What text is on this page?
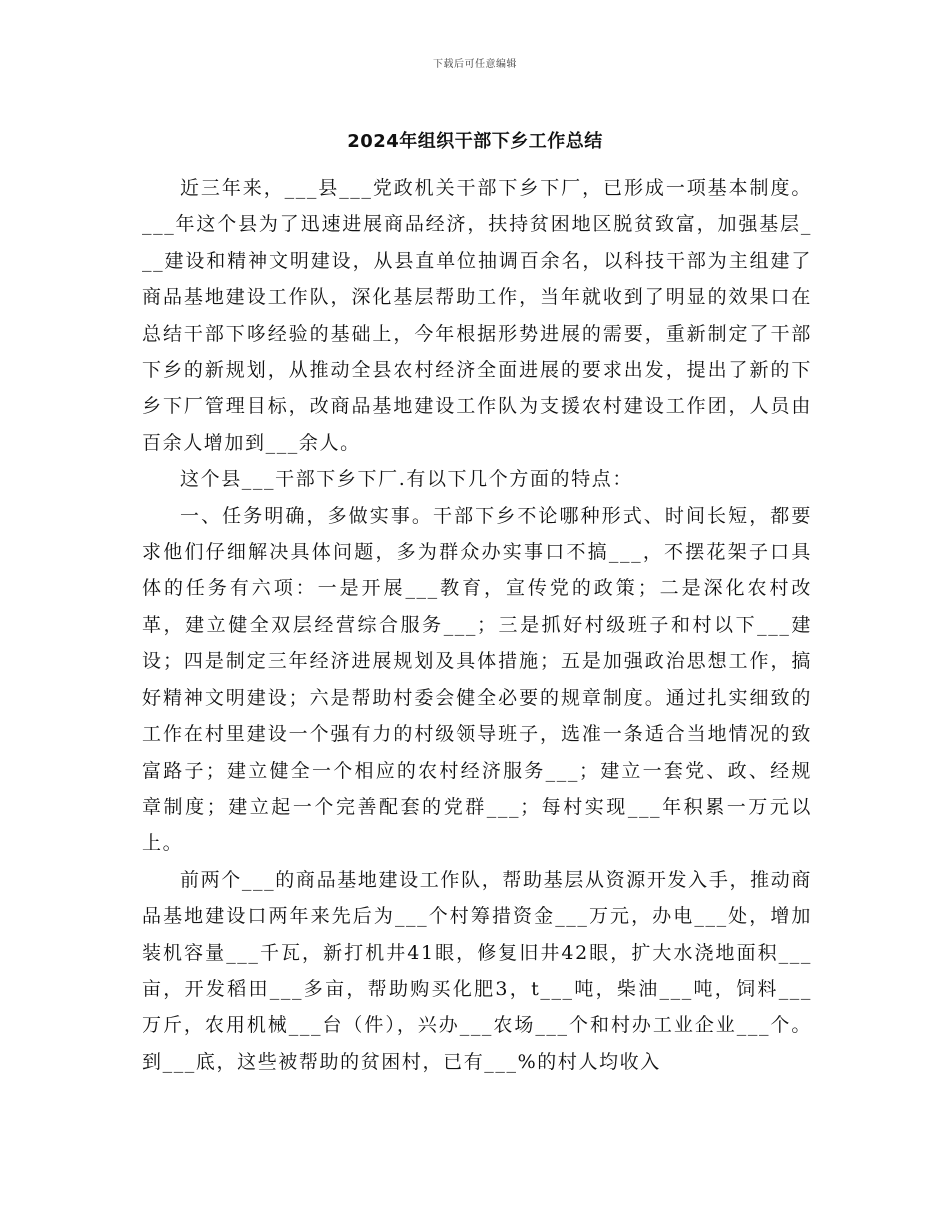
下载后可任意编辑
2024年组织干部下乡工作总结

近三年来，___县___党政机关干部下乡下厂，已形成一项基本制度。___年这个县为了迅速进展商品经济，扶持贫困地区脱贫致富，加强基层___建设和精神文明建设，从县直单位抽调百余名，以科技干部为主组建了商品基地建设工作队，深化基层帮助工作，当年就收到了明显的效果口在总结干部下哆经验的基础上，今年根据形势进展的需要，重新制定了干部下乡的新规划，从推动全县农村经济全面进展的要求出发，提出了新的下乡下厂管理目标，改商品基地建设工作队为支援农村建设工作团，人员由百余人增加到___余人。

这个县___干部下乡下厂.有以下几个方面的特点：

一、任务明确，多做实事。干部下乡不论哪种形式、时间长短，都要求他们仔细解决具体问题，多为群众办实事口不搞___，不摆花架子口具体的任务有六项：一是开展___教育，宣传党的政策；二是深化农村改革，建立健全双层经营综合服务___；三是抓好村级班子和村以下___建设；四是制定三年经济进展规划及具体措施；五是加强政治思想工作，搞好精神文明建设；六是帮助村委会健全必要的规章制度。通过扎实细致的工作在村里建设一个强有力的村级领导班子，选准一条适合当地情况的致富路子；建立健全一个相应的农村经济服务___；建立一套党、政、经规章制度；建立起一个完善配套的党群___；每村实现___年积累一万元以上。

前两个___的商品基地建设工作队，帮助基层从资源开发入手，推动商品基地建设口两年来先后为___个村筹措资金___万元，办电___处，增加装机容量___千瓦，新打机井41眼，修复旧井42眼，扩大水浇地面积___亩，开发稻田___多亩，帮助购买化肥3，t___吨，柴油___吨，饲料___万斤，农用机械___台（件），兴办___农场___个和村办工业企业___个。到___底，这些被帮助的贫困村，已有___%的村人均收入
